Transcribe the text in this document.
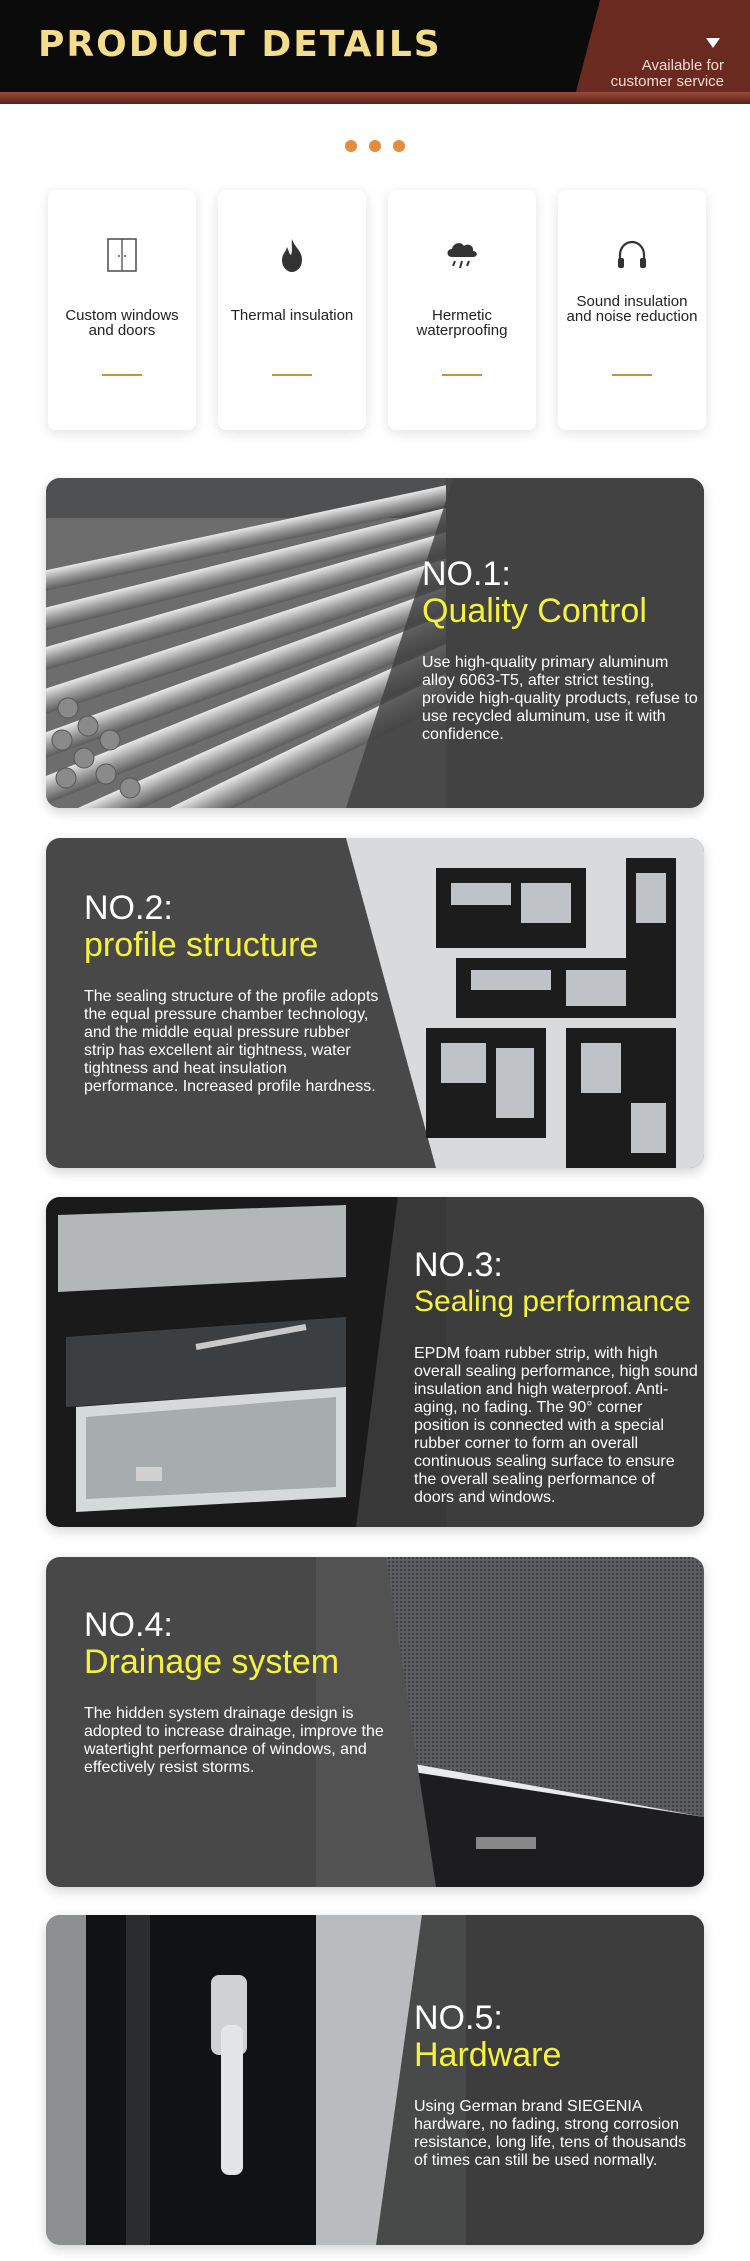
PRODUCT DETAILS
Available for
customer service
Custom windows and doors
Thermal insulation	Hermetic waterproofing
Sound insulation and noise reduction
NO.1:
Quality Control
Use high-quality primary aluminum alloy 6063-T5, after strict testing, provide high-quality products, refuse to use recycled aluminum, use it with confidence.
NO.2:
profile structure
The sealing structure of the profile adopts the equal pressure chamber technology, and the middle equal pressure rubber strip has excellent air tightness, water tightness and heat insulation performance. Increased profile hardness.
NO.3:
Sealing performance
EPDM foam rubber strip, with high overall sealing performance, high sound insulation and high waterproof. Anti-aging, no fading. The 90° corner position is connected with a special rubber corner to form an overall continuous sealing surface to ensure the overall sealing performance of doors and windows.
NO.4:
Drainage system
The hidden system drainage design is adopted to increase drainage, improve the watertight performance of windows, and effectively resist storms.
NO.5:
Hardware
Using German brand SIEGENIA hardware, no fading, strong corrosion resistance, long life, tens of thousands of times can still be used normally.
